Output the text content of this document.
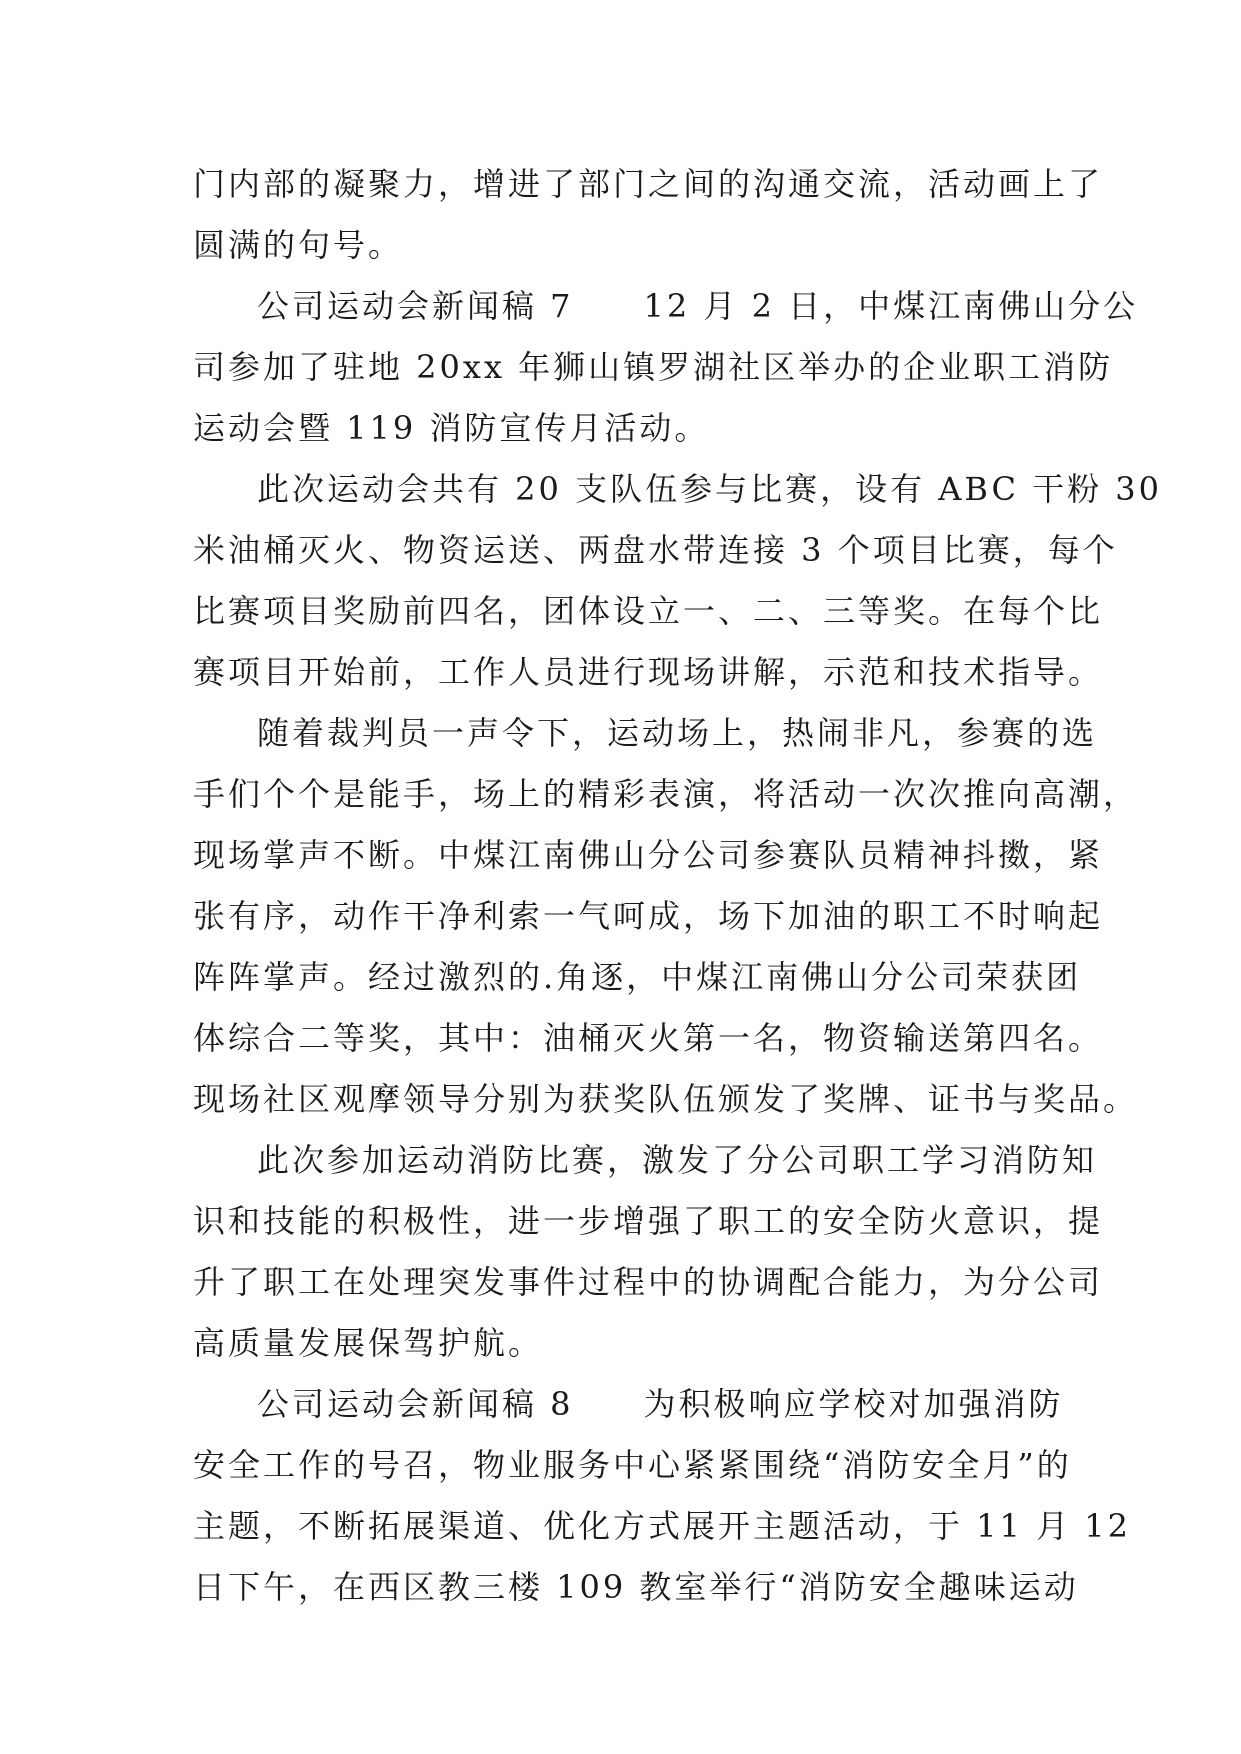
门内部的凝聚力，增进了部门之间的沟通交流，活动画上了
圆满的句号。
公司运动会新闻稿 7　　12 月 2 日，中煤江南佛山分公
司参加了驻地 20xx 年狮山镇罗湖社区举办的企业职工消防
运动会暨 119 消防宣传月活动。
此次运动会共有 20 支队伍参与比赛，设有 ABC 干粉 30
米油桶灭火、物资运送、两盘水带连接 3 个项目比赛，每个
比赛项目奖励前四名，团体设立一、二、三等奖。在每个比
赛项目开始前，工作人员进行现场讲解，示范和技术指导。
随着裁判员一声令下，运动场上，热闹非凡，参赛的选
手们个个是能手，场上的精彩表演，将活动一次次推向高潮，
现场掌声不断。中煤江南佛山分公司参赛队员精神抖擞，紧
张有序，动作干净利索一气呵成，场下加油的职工不时响起
阵阵掌声。经过激烈的.角逐，中煤江南佛山分公司荣获团
体综合二等奖，其中：油桶灭火第一名，物资输送第四名。
现场社区观摩领导分别为获奖队伍颁发了奖牌、证书与奖品。
此次参加运动消防比赛，激发了分公司职工学习消防知
识和技能的积极性，进一步增强了职工的安全防火意识，提
升了职工在处理突发事件过程中的协调配合能力，为分公司
高质量发展保驾护航。
公司运动会新闻稿 8　　为积极响应学校对加强消防
安全工作的号召，物业服务中心紧紧围绕“消防安全月”的
主题，不断拓展渠道、优化方式展开主题活动，于 11 月 12
日下午，在西区教三楼 109 教室举行“消防安全趣味运动
